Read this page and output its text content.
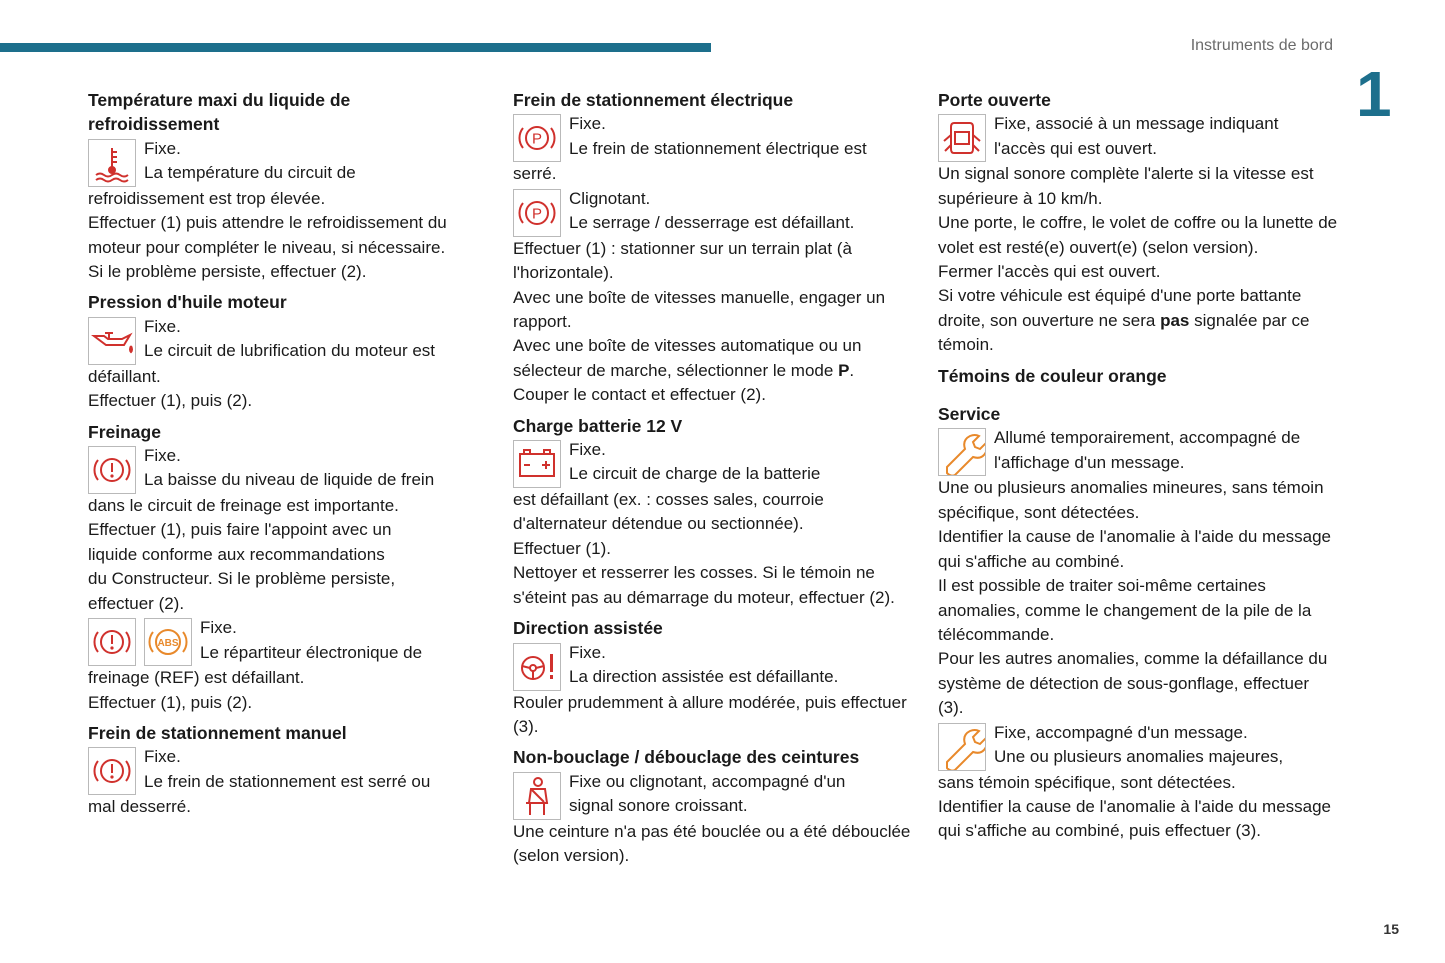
Instruments de bord
1
Température maxi du liquide de refroidissement

Fixe.

La température du circuit de

refroidissement est trop élevée.

Effectuer (1) puis attendre le refroidissement du moteur pour compléter le niveau, si nécessaire.

Si le problème persiste, effectuer (2).

Pression d'huile moteur

Fixe.

Le circuit de lubrification du moteur est

défaillant.

Effectuer (1), puis (2).

Freinage

Fixe.

La baisse du niveau de liquide de frein

dans le circuit de freinage est importante.

Effectuer (1), puis faire l'appoint avec un

liquide conforme aux recommandations

du Constructeur. Si le problème persiste,

effectuer (2).

ABS

Fixe.

Le répartiteur électronique de

freinage (REF) est défaillant.

Effectuer (1), puis (2).

Frein de stationnement manuel

Fixe.

Le frein de stationnement est serré ou

mal desserré.

Frein de stationnement électrique
P

Fixe.

Le frein de stationnement électrique est

serré.

P

Clignotant.

Le serrage / desserrage est défaillant.

Effectuer (1) : stationner sur un terrain plat (à l'horizontale).

Avec une boîte de vitesses manuelle, engager un rapport.

Avec une boîte de vitesses automatique ou un sélecteur de marche, sélectionner le mode P.

Couper le contact et effectuer (2).

Charge batterie 12 V

Fixe.

Le circuit de charge de la batterie

est défaillant (ex. : cosses sales, courroie d'alternateur détendue ou sectionnée).

Effectuer (1).

Nettoyer et resserrer les cosses. Si le témoin ne s'éteint pas au démarrage du moteur, effectuer (2).

Direction assistée

Fixe.

La direction assistée est défaillante.

Rouler prudemment à allure modérée, puis effectuer (3).

Non-bouclage / débouclage des ceintures

Fixe ou clignotant, accompagné d'un

signal sonore croissant.

Une ceinture n'a pas été bouclée ou a été débouclée (selon version).

Porte ouverte

Fixe, associé à un message indiquant

l'accès qui est ouvert.

Un signal sonore complète l'alerte si la vitesse est supérieure à 10 km/h.

Une porte, le coffre, le volet de coffre ou la lunette de volet est resté(e) ouvert(e) (selon version).

Fermer l'accès qui est ouvert.

Si votre véhicule est équipé d'une porte battante droite, son ouverture ne sera pas signalée par ce témoin.

Témoins de couleur orange
Service

Allumé temporairement, accompagné de

l'affichage d'un message.

Une ou plusieurs anomalies mineures, sans témoin spécifique, sont détectées.

Identifier la cause de l'anomalie à l'aide du message qui s'affiche au combiné.

Il est possible de traiter soi-même certaines anomalies, comme le changement de la pile de la télécommande.

Pour les autres anomalies, comme la défaillance du système de détection de sous-gonflage, effectuer (3).

Fixe, accompagné d'un message.

Une ou plusieurs anomalies majeures,

sans témoin spécifique, sont détectées.

Identifier la cause de l'anomalie à l'aide du message qui s'affiche au combiné, puis effectuer (3).

15
